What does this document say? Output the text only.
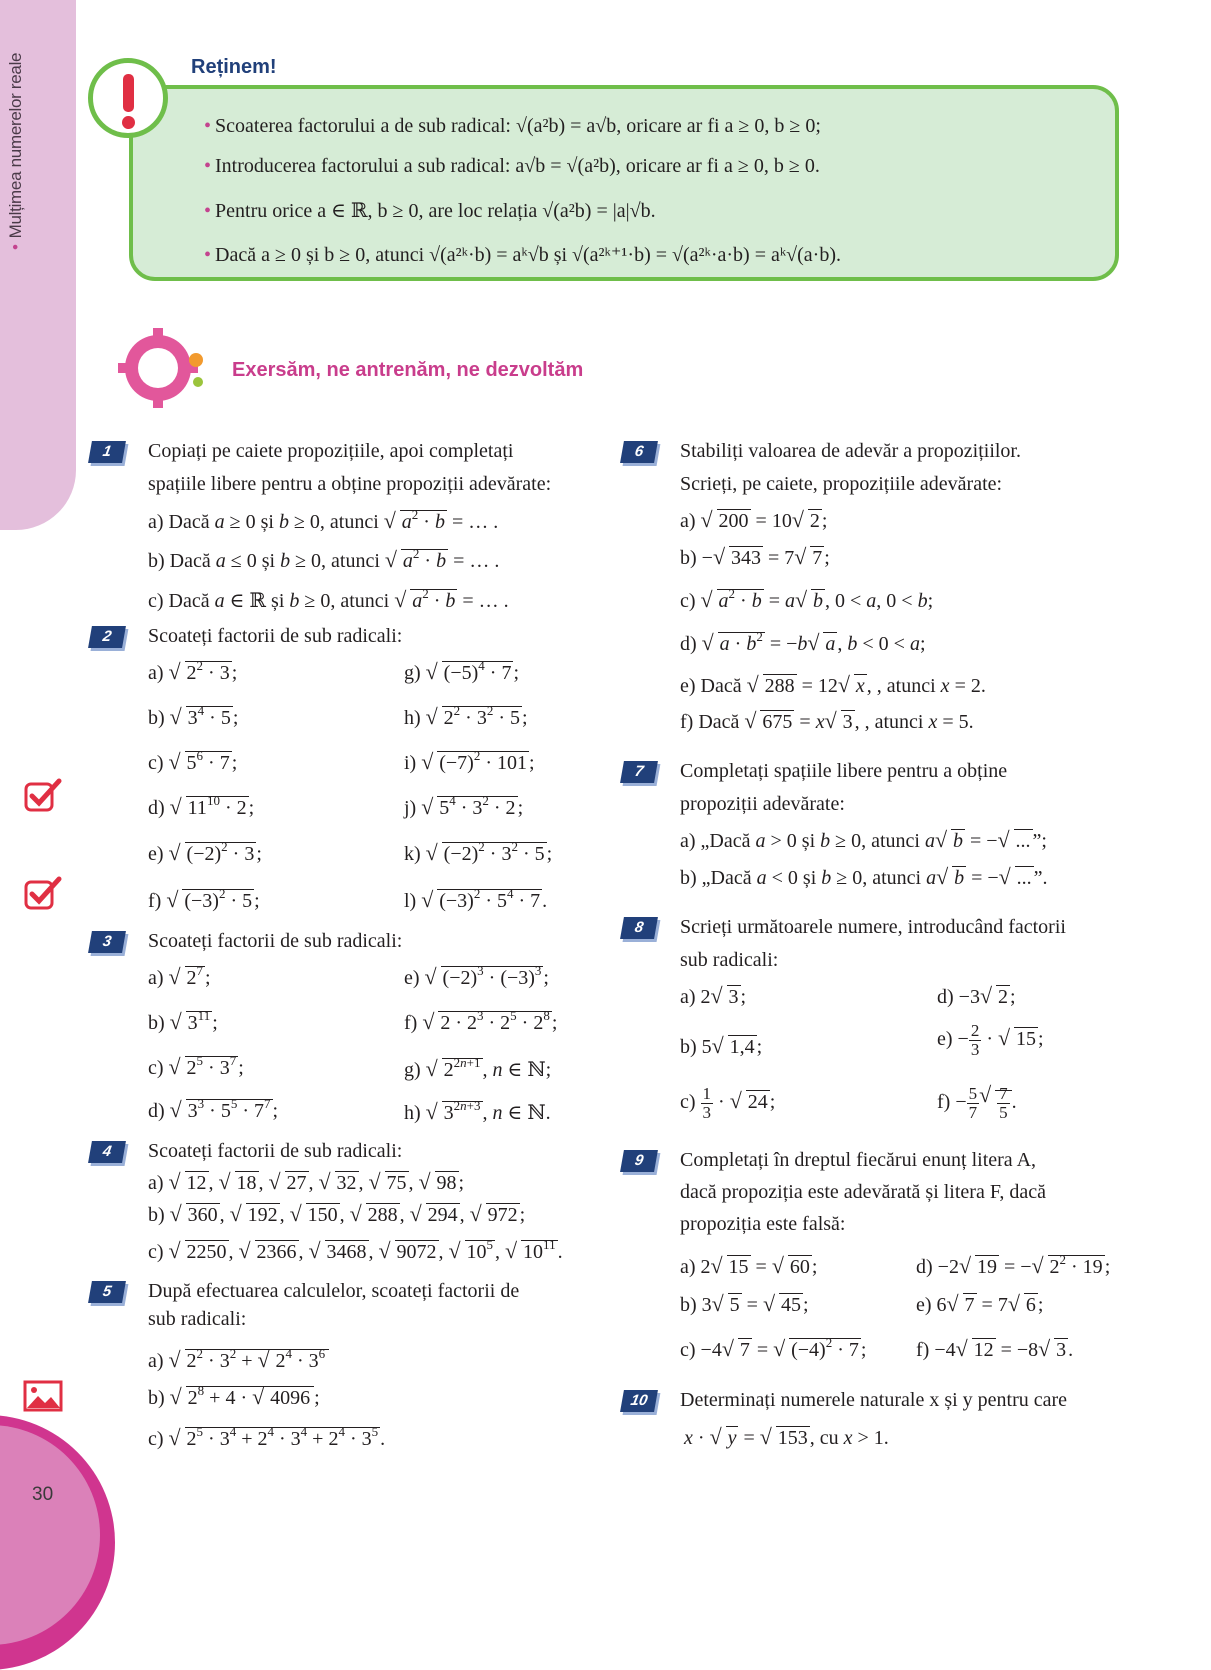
•Mulțimea numerelor reale
30
Reținem!
• Scoaterea factorului a de sub radical: √(a²b) = a√b, oricare ar fi a ≥ 0, b ≥ 0;
• Introducerea factorului a sub radical: a√b = √(a²b), oricare ar fi a ≥ 0, b ≥ 0.
• Pentru orice a ∈ ℝ, b ≥ 0, are loc relația √(a²b) = |a|√b.
• Dacă a ≥ 0 și b ≥ 0, atunci √(a²ᵏ·b) = aᵏ√b și √(a²ᵏ⁺¹·b) = √(a²ᵏ·a·b) = aᵏ√(a·b).
Exersăm, ne antrenăm, ne dezvoltăm
1	Copiați pe caiete propozițiile, apoi completați
spațiile libere pentru a obține propoziții adevărate:
a) Dacă a ≥ 0 și b ≥ 0, atunci √ $a^2 \cdot b$ = … .
b) Dacă a ≤ 0 și b ≥ 0, atunci √ $a^2 \cdot b$ = … .
c) Dacă a ∈ ℝ și b ≥ 0, atunci √ $a^2 \cdot b$ = … .
2	Scoateți factorii de sub radicali:
a) √ $2^2 \cdot 3$ ;
b) √ $3^4 \cdot 5$ ;
c) √ $5^6 \cdot 7$ ;
d) √ $11^{10} \cdot 2$ ;
e) √ $(-2)^2 \cdot 3$ ;
f) √ $(-3)^2 \cdot 5$ ;
g) √ $(-5)^4 \cdot 7$ ;
h) √ $2^2 \cdot 3^2 \cdot 5$ ;
i) √ $(-7)^2 \cdot 101$ ;
j) √ $5^4 \cdot 3^2 \cdot 2$ ;
k) √ $(-2)^2 \cdot 3^2 \cdot 5$ ;
l) √ $(-3)^2 \cdot 5^4 \cdot 7$ .
3	Scoateți factorii de sub radicali:
a) √ $2^7$ ;
b) √ $3^{11}$ ;
c) √ $2^5 \cdot 3^7$ ;
d) √ $3^3 \cdot 5^5 \cdot 7^7$ ;
e) √ $(-2)^3 \cdot (-3)^3$ ;
f) √ $2 \cdot 2^3 \cdot 2^5 \cdot 2^8$ ;
g) √ $2^{2n+1}$ , n ∈ ℕ;
h) √ $3^{2n+3}$ , n ∈ ℕ.
4	Scoateți factorii de sub radicali:
a) √ 12 , √ 18 , √ 27 , √ 32 , √ 75 , √ 98 ;
b) √ 360 , √ 192 , √ 150 , √ 288 , √ 294 , √ 972 ;
c) √ 2250 , √ 2366 , √ 3468 , √ 9072 , √ $10^5$ , √ $10^{11}$ .
5	După efectuarea calculelor, scoateți factorii de
sub radicali:
a) √ $2^2 \cdot 3^2$ + √ $2^4 \cdot 3^6$
b) √ $2^8 + 4$ · √ 4096 ;
c) √ $2^5 \cdot 3^4 + 2^4 \cdot 3^4 + 2^4 \cdot 3^5$ .
6	Stabiliți valoarea de adevăr a propozițiilor.
Scrieți, pe caiete, propozițiile adevărate:
a) √ 200 = 10√ 2 ;
b) −√ 343 = 7√ 7 ;
c) √ $a^2 \cdot b = a√$ b , 0 < a, 0 < b;
d) √ $a \cdot b^2 = -b√$ a , b < 0 < a;
e) Dacă √ 288 = 12√ x , , atunci x = 2.
f) Dacă √ 675 = x√ 3 , , atunci x = 5.
7	Completați spațiile libere pentru a obține
propoziții adevărate:
a) „Dacă a > 0 și b ≥ 0, atunci a√ b = −√ ... ”;
b) „Dacă a < 0 și b ≥ 0, atunci a√ b = −√ ... ”.
8	Scrieți următoarele numere, introducând factorii
sub radicali:
a) 2√ 3 ;
b) 5√ 1,4 ;
$c) \frac{1}{3}$ · √ 24 ;
d) −3√ 2 ;
$e) - \frac{2}{3}$ · √ 15 ;
$f) - \frac{5}{7}$
√ $\frac{7}{5}$ .
9	Completați în dreptul fiecărui enunț litera A,
dacă propoziția este adevărată și litera F, dacă
propoziția este falsă:
a) 2√ 15 = √ 60 ;
b) 3√ 5 = √ 45 ;
c) −4√ 7 = √ $(-4)^2 \cdot 7$ ;
d) −2√ 19 = −√ $2^2 \cdot 19$ ;
e) 6√ 7 = 7√ 6 ;
f) −4√ 12 = −8√ 3 .
10	Determinați numerele naturale x și y pentru care
x · √ y = √ 153 , cu x > 1.
